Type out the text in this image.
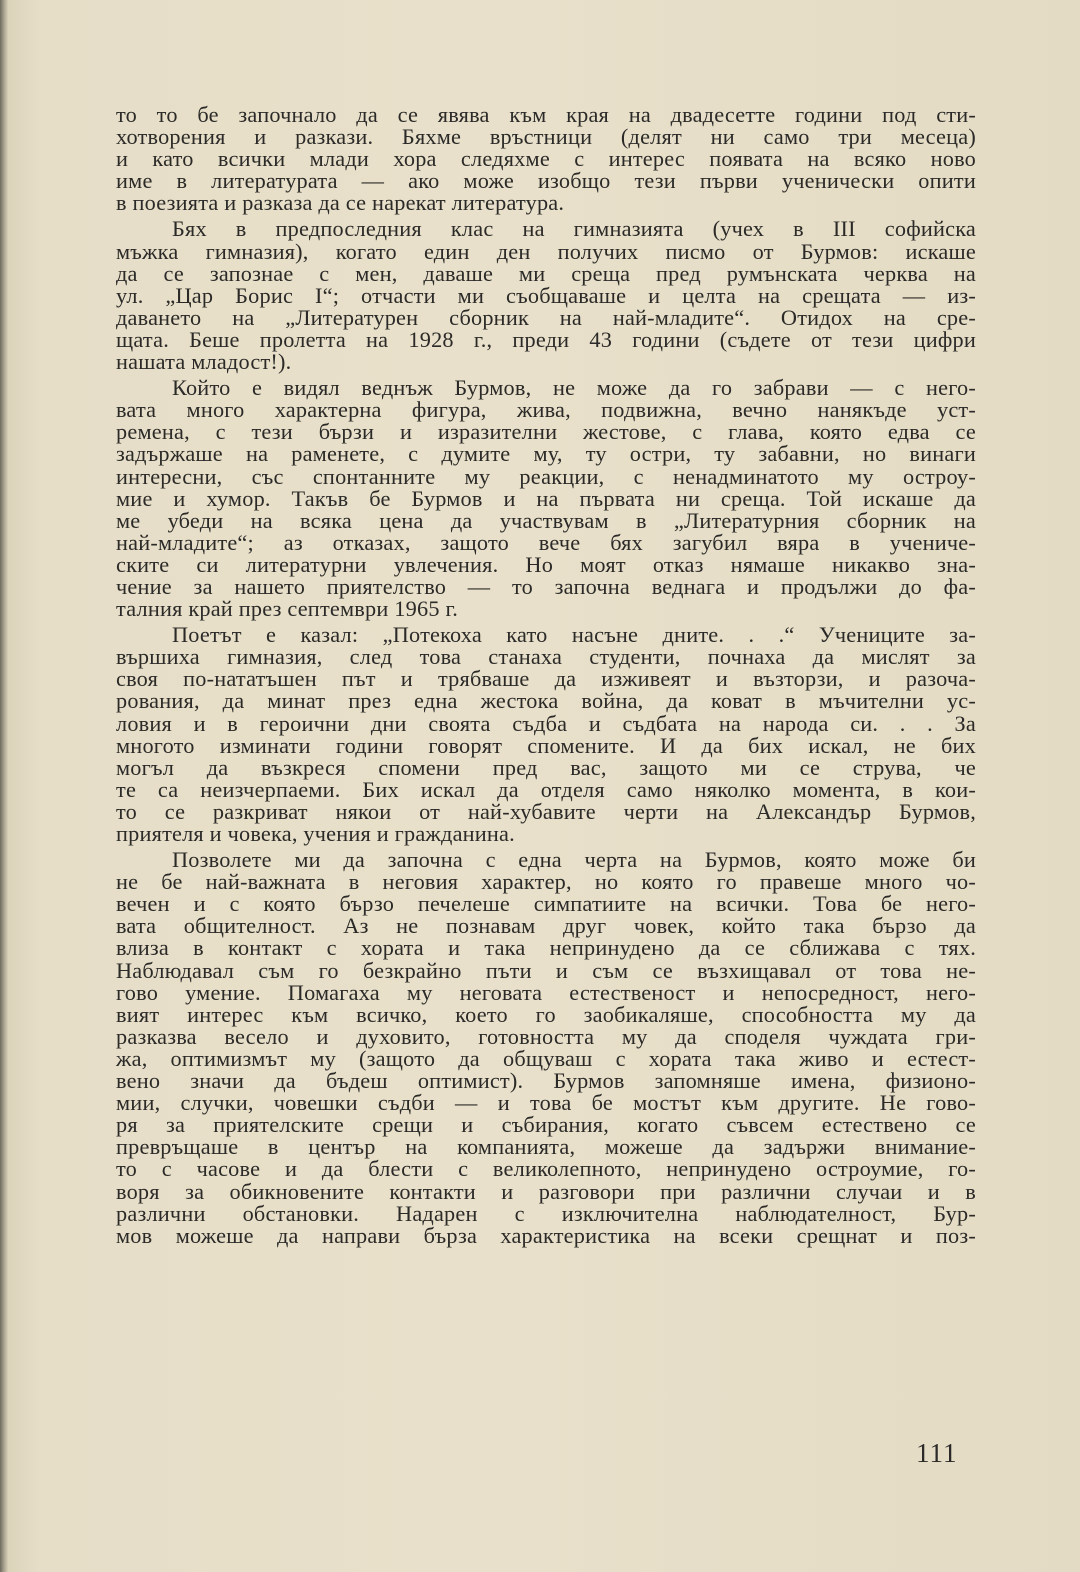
то то бе започнало да се явява към края на двадесетте години под сти-
хотворения и разкази. Бяхме връстници (делят ни само три месеца)
и като всички млади хора следяхме с интерес появата на всяко ново
име в литературата — ако може изобщо тези първи ученически опити
в поезията и разказа да се нарекат литература.

Бях в предпоследния клас на гимназията (учех в III софийска
мъжка гимназия), когато един ден получих писмо от Бурмов: искаше
да се запознае с мен, даваше ми среща пред румънската черква на
ул. „Цар Борис I“; отчасти ми съобщаваше и целта на срещата — из-
даването на „Литературен сборник на най-младите“. Отидох на сре-
щата. Беше пролетта на 1928 г., преди 43 години (съдете от тези цифри
нашата младост!).

Който е видял веднъж Бурмов, не може да го забрави — с него-
вата много характерна фигура, жива, подвижна, вечно нанякъде уст-
ремена, с тези бързи и изразителни жестове, с глава, която едва се
задържаше на раменете, с думите му, ту остри, ту забавни, но винаги
интересни, със спонтанните му реакции, с ненадминатото му остроу-
мие и хумор. Такъв бе Бурмов и на първата ни среща. Той искаше да
ме убеди на всяка цена да участвувам в „Литературния сборник на
най-младите“; аз отказах, защото вече бях загубил вяра в учениче-
ските си литературни увлечения. Но моят отказ нямаше никакво зна-
чение за нашето приятелство — то започна веднага и продължи до фа-
талния край през септември 1965 г.

Поетът е казал: „Потекоха като насъне дните. . .“ Учениците за-
вършиха гимназия, след това станаха студенти, почнаха да мислят за
своя по-нататъшен път и трябваше да изживеят и възторзи, и разоча-
рования, да минат през една жестока война, да коват в мъчителни ус-
ловия и в героични дни своята съдба и съдбата на народа си. . . За
многото изминати години говорят спомените. И да бих искал, не бих
могъл да възкреся спомени пред вас, защото ми се струва, че
те са неизчерпаеми. Бих искал да отделя само няколко момента, в кои-
то се разкриват някои от най-хубавите черти на Александър Бурмов,
приятеля и човека, учения и гражданина.

Позволете ми да започна с една черта на Бурмов, която може би
не бе най-важната в неговия характер, но която го правеше много чо-
вечен и с която бързо печелеше симпатиите на всички. Това бе него-
вата общителност. Аз не познавам друг човек, който така бързо да
влиза в контакт с хората и така непринудено да се сближава с тях.
Наблюдавал съм го безкрайно пъти и съм се възхищавал от това не-
гово умение. Помагаха му неговата естественост и непосредност, него-
вият интерес към всичко, което го заобикаляше, способността му да
разказва весело и духовито, готовността му да споделя чуждата гри-
жа, оптимизмът му (защото да общуваш с хората така живо и естест-
вено значи да бъдеш оптимист). Бурмов запомняше имена, физионо-
мии, случки, човешки съдби — и това бе мостът към другите. Не гово-
ря за приятелските срещи и събирания, когато съвсем естествено се
превръщаше в център на компанията, можеше да задържи внимание-
то с часове и да блести с великолепното, непринудено остроумие, го-
воря за обикновените контакти и разговори при различни случаи и в
различни обстановки. Надарен с изключителна наблюдателност, Бур-
мов можеше да направи бърза характеристика на всеки срещнат и поз-

111
